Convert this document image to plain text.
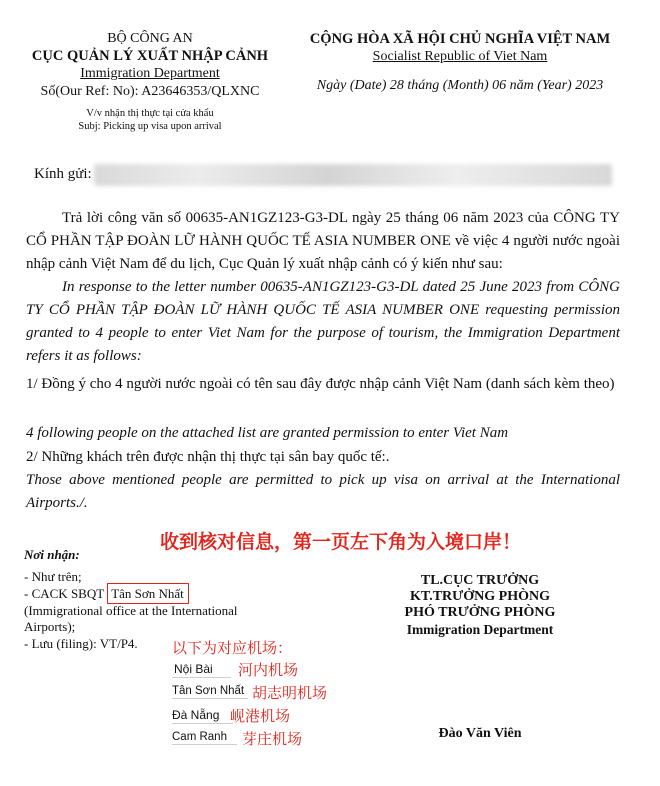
BỘ CÔNG AN
CỤC QUẢN LÝ XUẤT NHẬP CẢNH
Immigration Department
Số(Our Ref: No): A23646353/QLXNC
V/v nhận thị thực tại cửa khẩu
Subj: Picking up visa upon arrival
CỘNG HÒA XÃ HỘI CHỦ NGHĨA VIỆT NAM
Socialist Republic of Viet Nam
Ngày (Date) 28 tháng (Month) 06 năm (Year) 2023
Kính gửi:
Trả lời công văn số 00635-AN1GZ123-G3-DL ngày 25 tháng 06 năm 2023 của CÔNG TY CỔ PHẦN TẬP ĐOÀN LỮ HÀNH QUỐC TẾ ASIA NUMBER ONE về việc 4 người nước ngoài nhập cảnh Việt Nam để du lịch, Cục Quản lý xuất nhập cảnh có ý kiến như sau:
In response to the letter number 00635-AN1GZ123-G3-DL dated 25 June 2023 from CÔNG TY CỔ PHẦN TẬP ĐOÀN LỮ HÀNH QUỐC TẾ ASIA NUMBER ONE requesting permission granted to 4 people to enter Viet Nam for the purpose of tourism, the Immigration Department refers it as follows:
1/ Đồng ý cho 4 người nước ngoài có tên sau đây được nhập cảnh Việt Nam (danh sách kèm theo)
4 following people on the attached list are granted permission to enter Viet Nam
2/ Những khách trên được nhận thị thực tại sân bay quốc tế:.
Those above mentioned people are permitted to pick up visa on arrival at the International Airports./.
收到核对信息，第一页左下角为入境口岸！
Nơi nhận:
- Như trên;
- CACK SBQT Tân Sơn Nhất
(Immigrational office at the International Airports);
- Lưu (filing): VT/P4.	以下为对应机场：
Nội Bài	河内机场
Tân Sơn Nhất 胡志明机场
Đà Nẵng 岘港机场
Cam Ranh	芽庄机场
TL.CỤC TRƯỞNG
KT.TRƯỞNG PHÒNG
PHÓ TRƯỞNG PHÒNG
Immigration Department
Đào Văn Viên
